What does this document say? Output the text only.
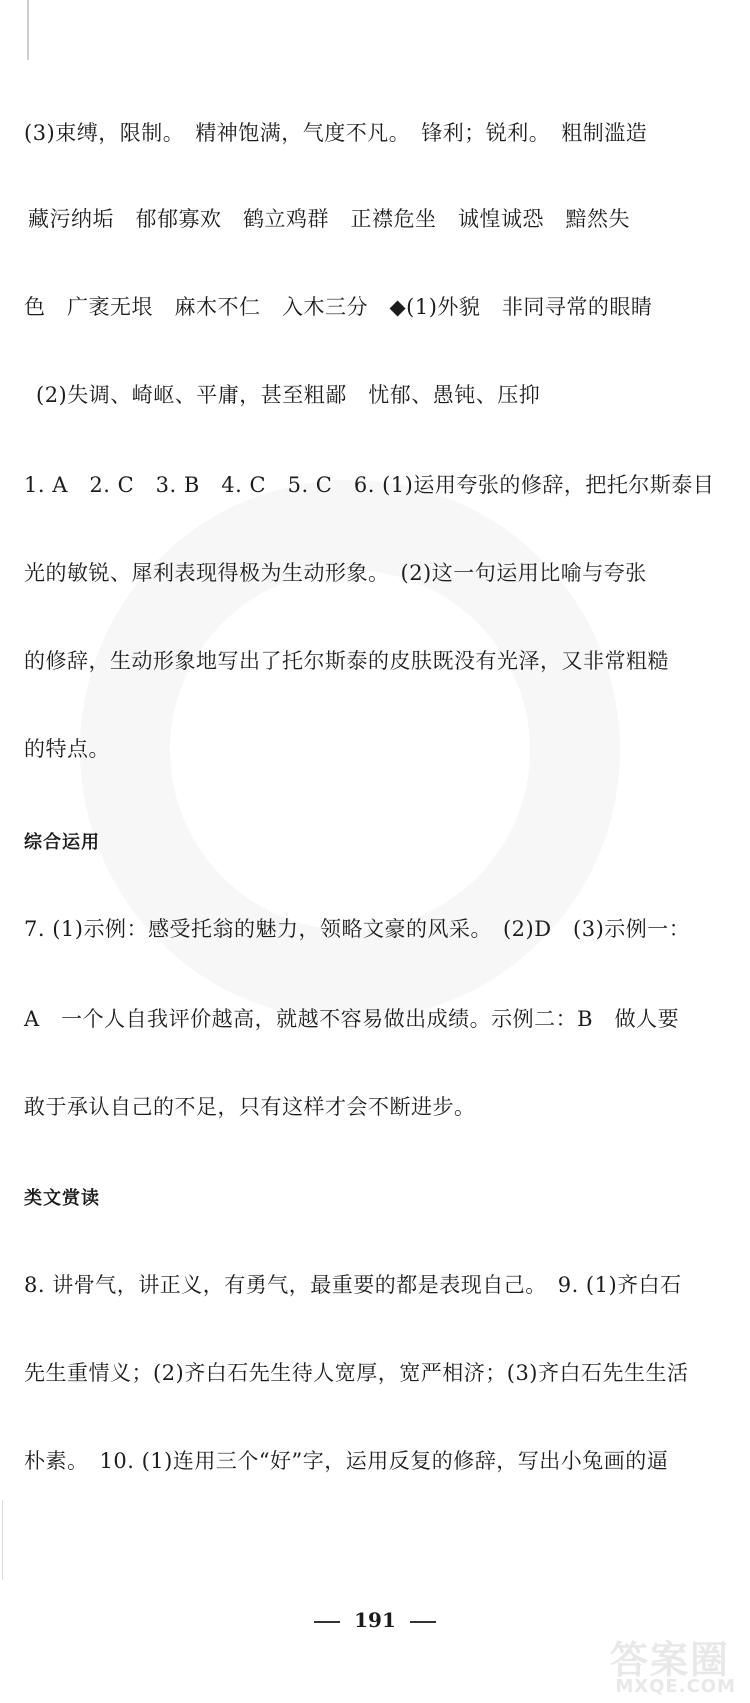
(3)束缚，限制。　精神饱满，气度不凡。　锋利；锐利。　粗制滥造
藏污纳垢　郁郁寡欢　鹤立鸡群　正襟危坐　诚惶诚恐　黯然失
色　广袤无垠　麻木不仁　入木三分　◆(1)外貌　非同寻常的眼睛
(2)失调、崎岖、平庸，甚至粗鄙　忧郁、愚钝、压抑
1. A　2. C　3. B　4. C　5. C　6. (1)运用夸张的修辞，把托尔斯泰目
光的敏锐、犀利表现得极为生动形象。　(2)这一句运用比喻与夸张
的修辞，生动形象地写出了托尔斯泰的皮肤既没有光泽，又非常粗糙
的特点。
综合运用
7. (1)示例：感受托翁的魅力，领略文豪的风采。　(2)D　(3)示例一：
A　一个人自我评价越高，就越不容易做出成绩。示例二：B　做人要
敢于承认自己的不足，只有这样才会不断进步。
类文赏读
8. 讲骨气，讲正义，有勇气，最重要的都是表现自己。　9. (1)齐白石
先生重情义；(2)齐白石先生待人宽厚，宽严相济；(3)齐白石先生生活
朴素。　10. (1)连用三个“好”字，运用反复的修辞，写出小兔画的逼
191
答案圈
MXQE.COM
